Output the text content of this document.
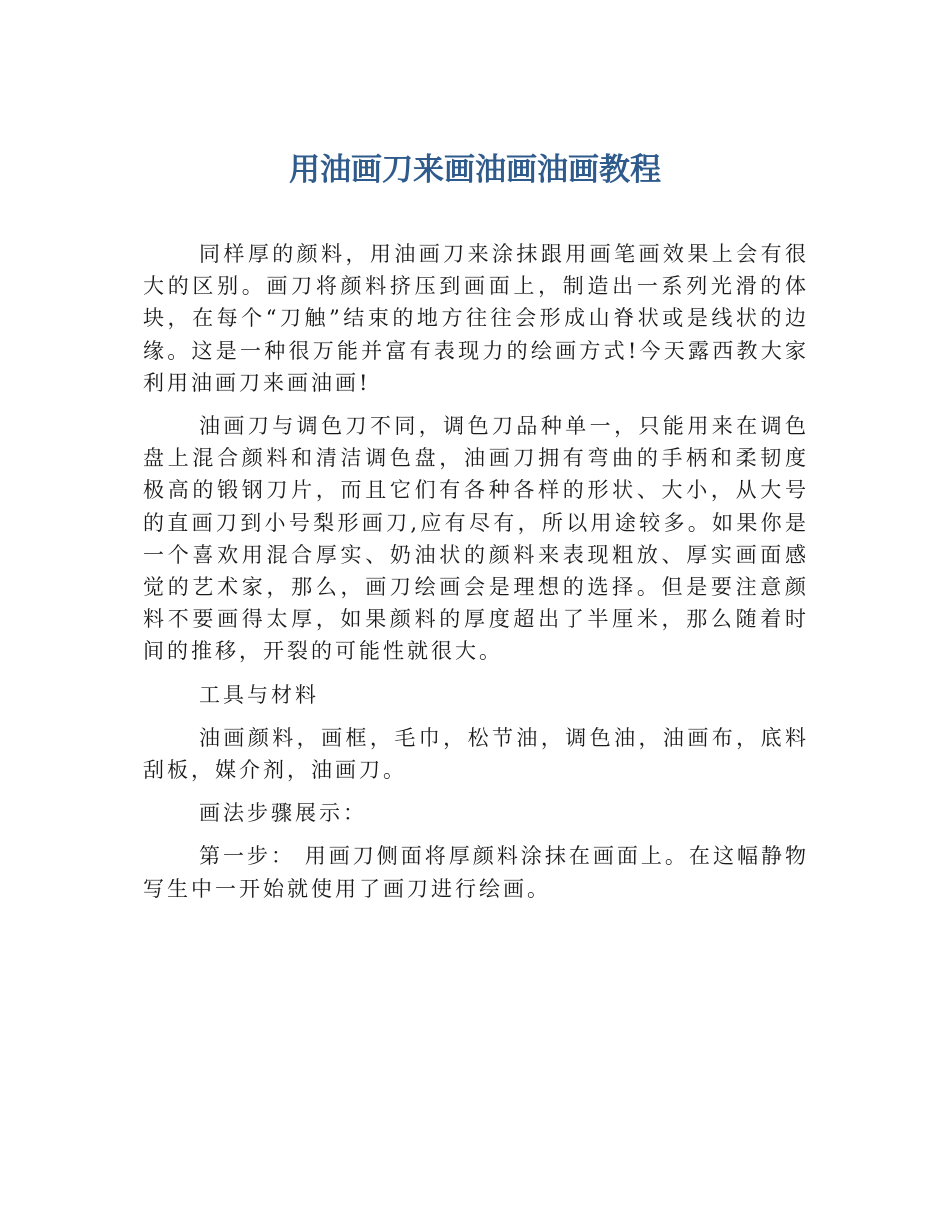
用油画刀来画油画油画教程

同样厚的颜料，用油画刀来涂抹跟用画笔画效果上会有很大的区别。画刀将颜料挤压到画面上，制造出一系列光滑的体块，在每个“刀触”结束的地方往往会形成山脊状或是线状的边缘。这是一种很万能并富有表现力的绘画方式!今天露西教大家利用油画刀来画油画!

油画刀与调色刀不同，调色刀品种单一，只能用来在调色盘上混合颜料和清洁调色盘，油画刀拥有弯曲的手柄和柔韧度极高的锻钢刀片，而且它们有各种各样的形状、大小，从大号的直画刀到小号梨形画刀,应有尽有，所以用途较多。如果你是一个喜欢用混合厚实、奶油状的颜料来表现粗放、厚实画面感觉的艺术家，那么，画刀绘画会是理想的选择。但是要注意颜料不要画得太厚，如果颜料的厚度超出了半厘米，那么随着时间的推移，开裂的可能性就很大。

工具与材料

油画颜料，画框，毛巾，松节油，调色油，油画布，底料刮板，媒介剂，油画刀。

画法步骤展示：

第一步： 用画刀侧面将厚颜料涂抹在画面上。在这幅静物写生中一开始就使用了画刀进行绘画。
